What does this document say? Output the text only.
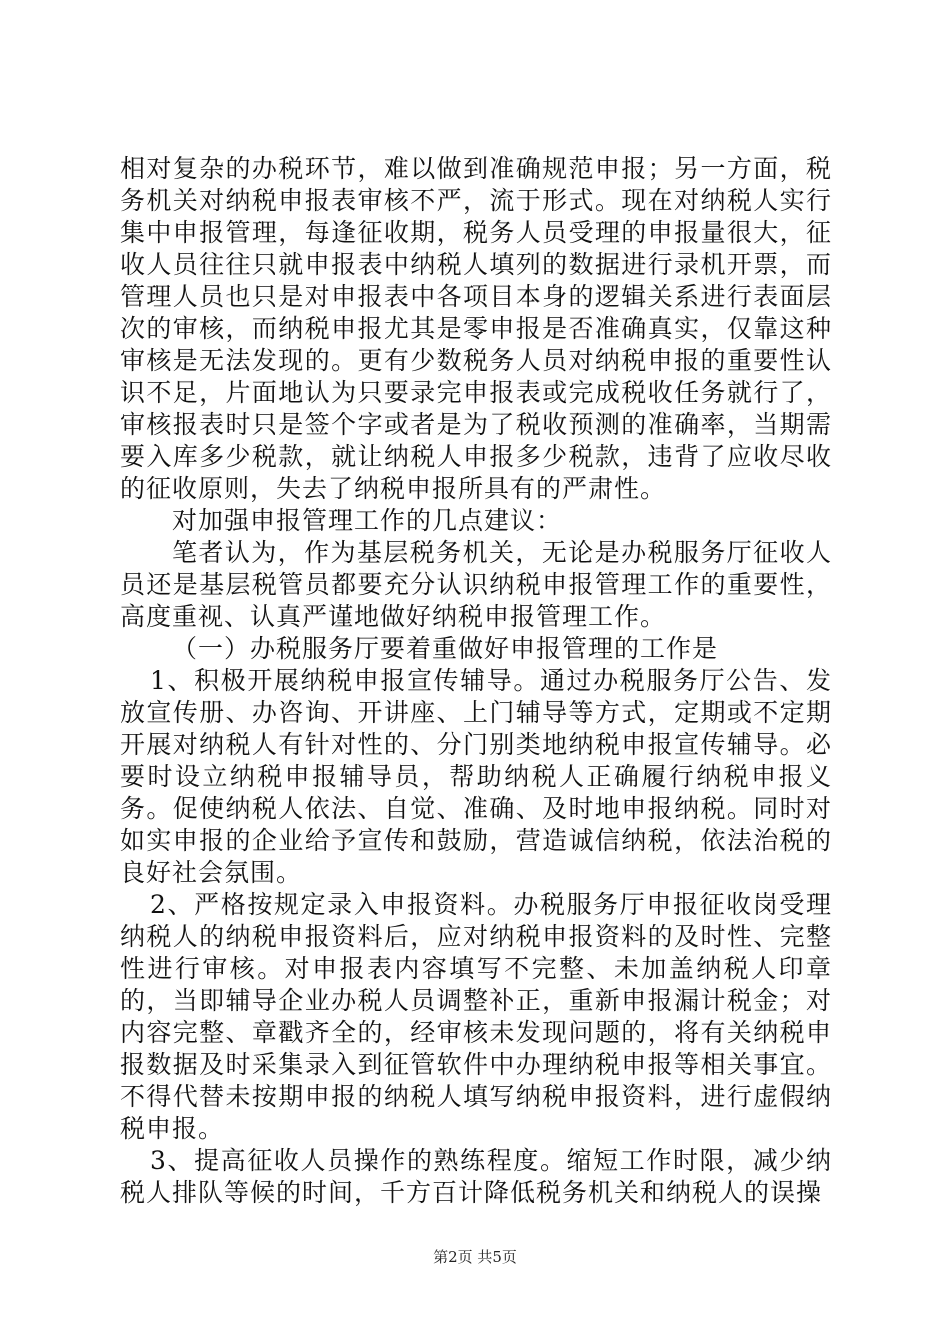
相对复杂的办税环节，难以做到准确规范申报；另一方面，税务机关对纳税申报表审核不严，流于形式。现在对纳税人实行集中申报管理，每逢征收期，税务人员受理的申报量很大，征收人员往往只就申报表中纳税人填列的数据进行录机开票，而管理人员也只是对申报表中各项目本身的逻辑关系进行表面层次的审核，而纳税申报尤其是零申报是否准确真实，仅靠这种审核是无法发现的。更有少数税务人员对纳税申报的重要性认识不足，片面地认为只要录完申报表或完成税收任务就行了，审核报表时只是签个字或者是为了税收预测的准确率，当期需要入库多少税款，就让纳税人申报多少税款，违背了应收尽收的征收原则，失去了纳税申报所具有的严肃性。

对加强申报管理工作的几点建议：

笔者认为，作为基层税务机关，无论是办税服务厅征收人员还是基层税管员都要充分认识纳税申报管理工作的重要性，高度重视、认真严谨地做好纳税申报管理工作。

（一）办税服务厅要着重做好申报管理的工作是

1、积极开展纳税申报宣传辅导。通过办税服务厅公告、发放宣传册、办咨询、开讲座、上门辅导等方式，定期或不定期开展对纳税人有针对性的、分门别类地纳税申报宣传辅导。必要时设立纳税申报辅导员，帮助纳税人正确履行纳税申报义务。促使纳税人依法、自觉、准确、及时地申报纳税。同时对如实申报的企业给予宣传和鼓励，营造诚信纳税，依法治税的良好社会氛围。

2、严格按规定录入申报资料。办税服务厅申报征收岗受理纳税人的纳税申报资料后，应对纳税申报资料的及时性、完整性进行审核。对申报表内容填写不完整、未加盖纳税人印章的，当即辅导企业办税人员调整补正，重新申报漏计税金；对内容完整、章戳齐全的，经审核未发现问题的，将有关纳税申报数据及时采集录入到征管软件中办理纳税申报等相关事宜。不得代替未按期申报的纳税人填写纳税申报资料，进行虚假纳税申报。

3、提高征收人员操作的熟练程度。缩短工作时限，减少纳税人排队等候的时间，千方百计降低税务机关和纳税人的误操

第2页 共5页
